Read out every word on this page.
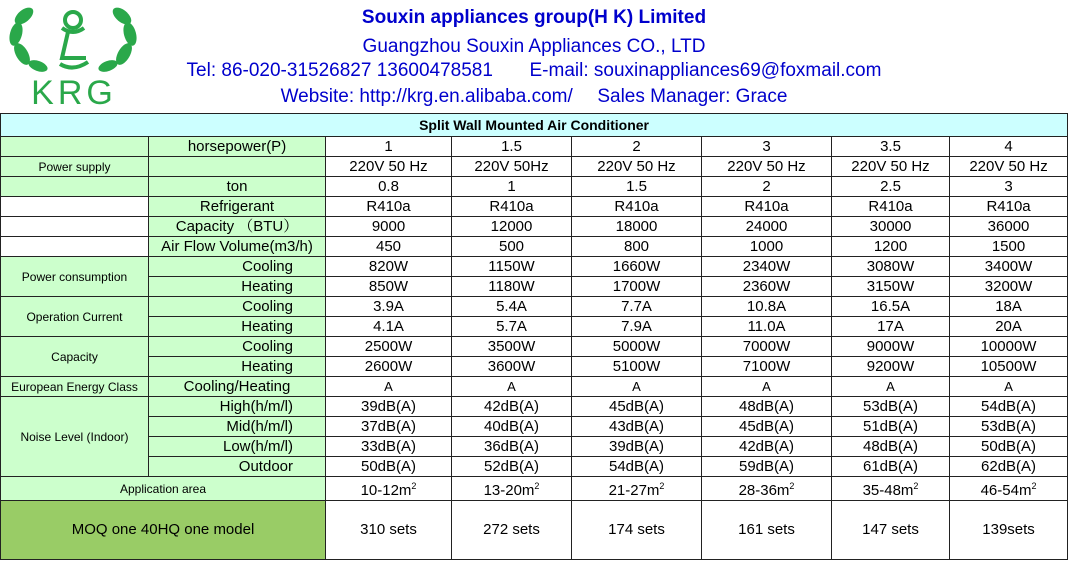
KRG
Souxin appliances group(H K) Limited
Guangzhou Souxin Appliances CO., LTD
Tel: 86-020-31526827 13600478581 E-mail: souxinappliances69@foxmail.com
Website: http://krg.en.alibaba.com/ Sales Manager: Grace
Split Wall Mounted Air Conditioner							
	horsepower(P)	1	1.5	2	3	3.5	4
Power supply		220V 50 Hz	220V 50Hz	220V 50 Hz	220V 50 Hz	220V 50 Hz	220V 50 Hz
	ton	0.8	1	1.5	2	2.5	3
	Refrigerant	R410a	R410a	R410a	R410a	R410a	R410a
	Capacity （BTU）	9000	12000	18000	24000	30000	36000
	Air Flow Volume(m3/h)	450	500	800	1000	1200	1500
Power consumption	Cooling	820W	1150W	1660W	2340W	3080W	3400W
	Heating	850W	1180W	1700W	2360W	3150W	3200W
Operation Current	Cooling	3.9A	5.4A	7.7A	10.8A	16.5A	18A
	Heating	4.1A	5.7A	7.9A	11.0A	17A	20A
Capacity	Cooling	2500W	3500W	5000W	7000W	9000W	10000W
	Heating	2600W	3600W	5100W	7100W	9200W	10500W
European Energy Class	Cooling/Heating	A	A	A	A	A	A
Noise Level (Indoor)	High(h/m/l)	39dB(A)	42dB(A)	45dB(A)	48dB(A)	53dB(A)	54dB(A)
	Mid(h/m/l)	37dB(A)	40dB(A)	43dB(A)	45dB(A)	51dB(A)	53dB(A)
	Low(h/m/l)	33dB(A)	36dB(A)	39dB(A)	42dB(A)	48dB(A)	50dB(A)
	Outdoor	50dB(A)	52dB(A)	54dB(A)	59dB(A)	61dB(A)	62dB(A)
Application area		$10-12m^2$	$13-20m^2$	$21-27m^2$	$28-36m^2$	$35-48m^2$	$46-54m^2$
MOQ one 40HQ one model		310 sets	272 sets	174 sets	161 sets	147 sets	139sets
